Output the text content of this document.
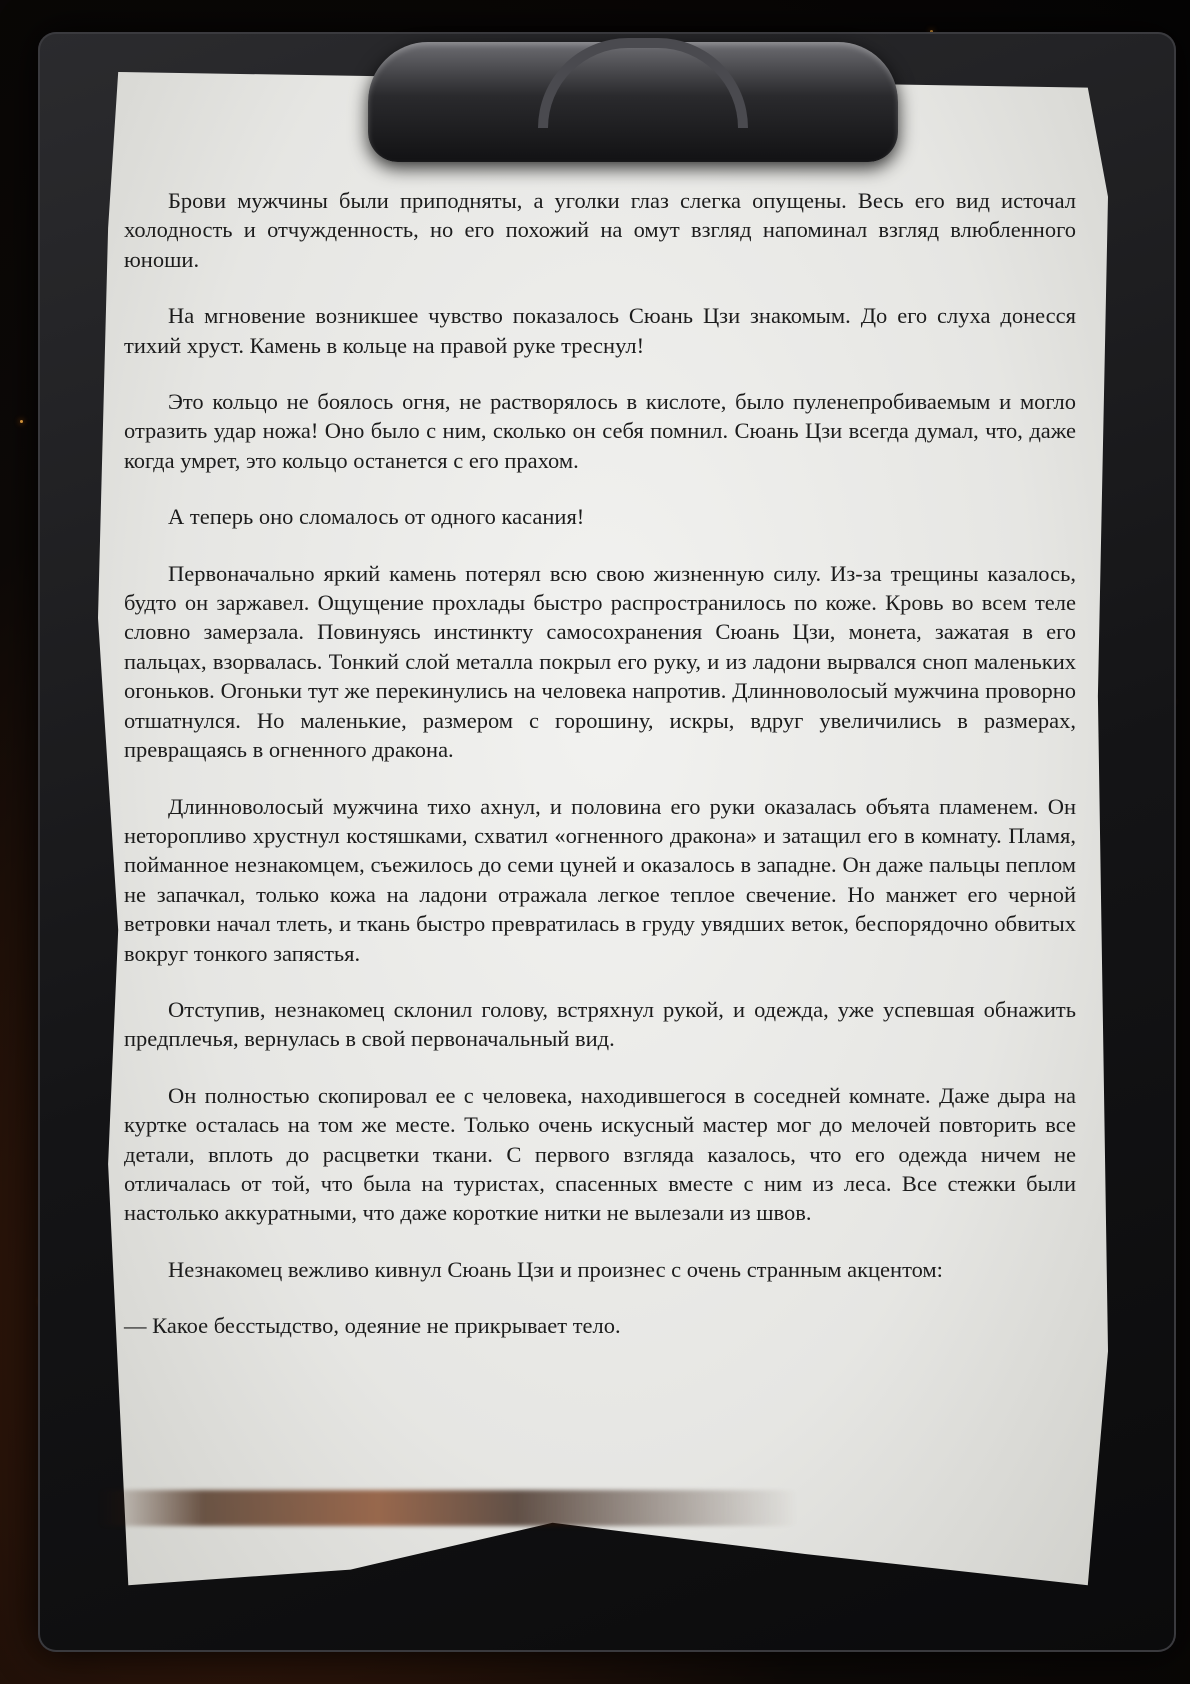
Брови мужчины были приподняты, а уголки глаз слегка опущены. Весь его вид источал холодность и отчужденность, но его похожий на омут взгляд напоминал взгляд влюбленного юноши.

На мгновение возникшее чувство показалось Сюань Цзи знакомым. До его слуха донесся тихий хруст. Камень в кольце на правой руке треснул!

Это кольцо не боялось огня, не растворялось в кислоте, было пуленепробиваемым и могло отразить удар ножа! Оно было с ним, сколько он себя помнил. Сюань Цзи всегда думал, что, даже когда умрет, это кольцо останется с его прахом.

А теперь оно сломалось от одного касания!

Первоначально яркий камень потерял всю свою жизненную силу. Из-за трещины казалось, будто он заржавел. Ощущение прохлады быстро распространилось по коже. Кровь во всем теле словно замерзала. Повинуясь инстинкту самосохранения Сюань Цзи, монета, зажатая в его пальцах, взорвалась. Тонкий слой металла покрыл его руку, и из ладони вырвался сноп маленьких огоньков. Огоньки тут же перекинулись на человека напротив. Длинноволосый мужчина проворно отшатнулся. Но маленькие, размером с горошину, искры, вдруг увеличились в размерах, превращаясь в огненного дракона.

Длинноволосый мужчина тихо ахнул, и половина его руки оказалась объята пламенем. Он неторопливо хрустнул костяшками, схватил «огненного дракона» и затащил его в комнату. Пламя, пойманное незнакомцем, съежилось до семи цуней и оказалось в западне. Он даже пальцы пеплом не запачкал, только кожа на ладони отражала легкое теплое свечение. Но манжет его черной ветровки начал тлеть, и ткань быстро превратилась в груду увядших веток, беспорядочно обвитых вокруг тонкого запястья.

Отступив, незнакомец склонил голову, встряхнул рукой, и одежда, уже успевшая обнажить предплечья, вернулась в свой первоначальный вид.

Он полностью скопировал ее с человека, находившегося в соседней комнате. Даже дыра на куртке осталась на том же месте. Только очень искусный мастер мог до мелочей повторить все детали, вплоть до расцветки ткани. С первого взгляда казалось, что его одежда ничем не отличалась от той, что была на туристах, спасенных вместе с ним из леса. Все стежки были настолько аккуратными, что даже короткие нитки не вылезали из швов.

Незнакомец вежливо кивнул Сюань Цзи и произнес с очень странным акцентом:

— Какое бесстыдство, одеяние не прикрывает тело.
